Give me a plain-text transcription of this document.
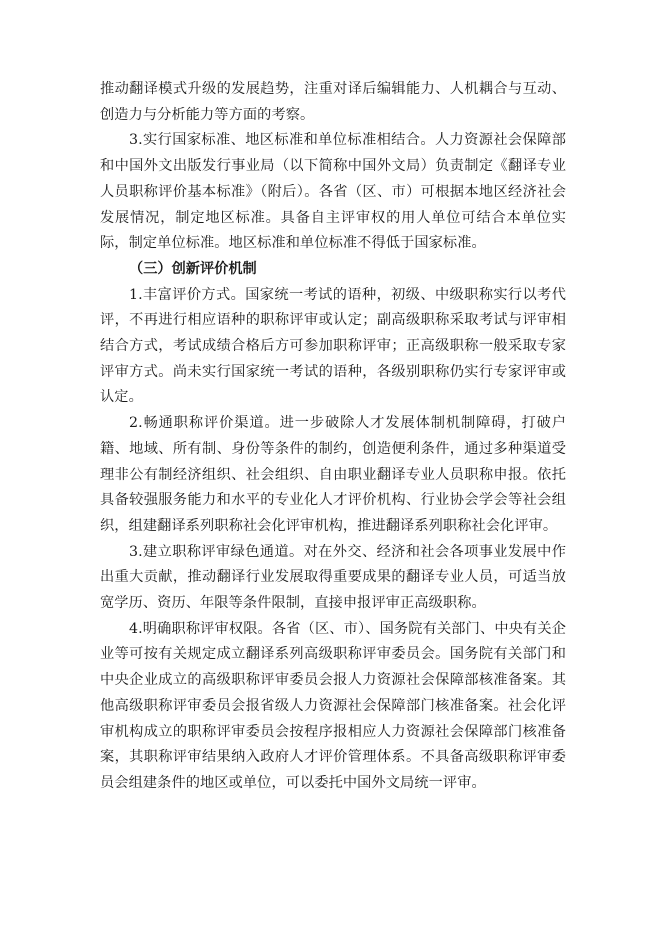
推动翻译模式升级的发展趋势，注重对译后编辑能力、人机耦合与互动、创造力与分析能力等方面的考察。

3.实行国家标准、地区标准和单位标准相结合。人力资源社会保障部和中国外文出版发行事业局（以下简称中国外文局）负责制定《翻译专业人员职称评价基本标准》（附后）。各省（区、市）可根据本地区经济社会发展情况，制定地区标准。具备自主评审权的用人单位可结合本单位实际，制定单位标准。地区标准和单位标准不得低于国家标准。

（三）创新评价机制

1.丰富评价方式。国家统一考试的语种，初级、中级职称实行以考代评，不再进行相应语种的职称评审或认定；副高级职称采取考试与评审相结合方式，考试成绩合格后方可参加职称评审；正高级职称一般采取专家评审方式。尚未实行国家统一考试的语种，各级别职称仍实行专家评审或认定。

2.畅通职称评价渠道。进一步破除人才发展体制机制障碍，打破户籍、地域、所有制、身份等条件的制约，创造便利条件，通过多种渠道受理非公有制经济组织、社会组织、自由职业翻译专业人员职称申报。依托具备较强服务能力和水平的专业化人才评价机构、行业协会学会等社会组织，组建翻译系列职称社会化评审机构，推进翻译系列职称社会化评审。

3.建立职称评审绿色通道。对在外交、经济和社会各项事业发展中作出重大贡献，推动翻译行业发展取得重要成果的翻译专业人员，可适当放宽学历、资历、年限等条件限制，直接申报评审正高级职称。

4.明确职称评审权限。各省（区、市）、国务院有关部门、中央有关企业等可按有关规定成立翻译系列高级职称评审委员会。国务院有关部门和中央企业成立的高级职称评审委员会报人力资源社会保障部核准备案。其他高级职称评审委员会报省级人力资源社会保障部门核准备案。社会化评审机构成立的职称评审委员会按程序报相应人力资源社会保障部门核准备案，其职称评审结果纳入政府人才评价管理体系。不具备高级职称评审委员会组建条件的地区或单位，可以委托中国外文局统一评审。
